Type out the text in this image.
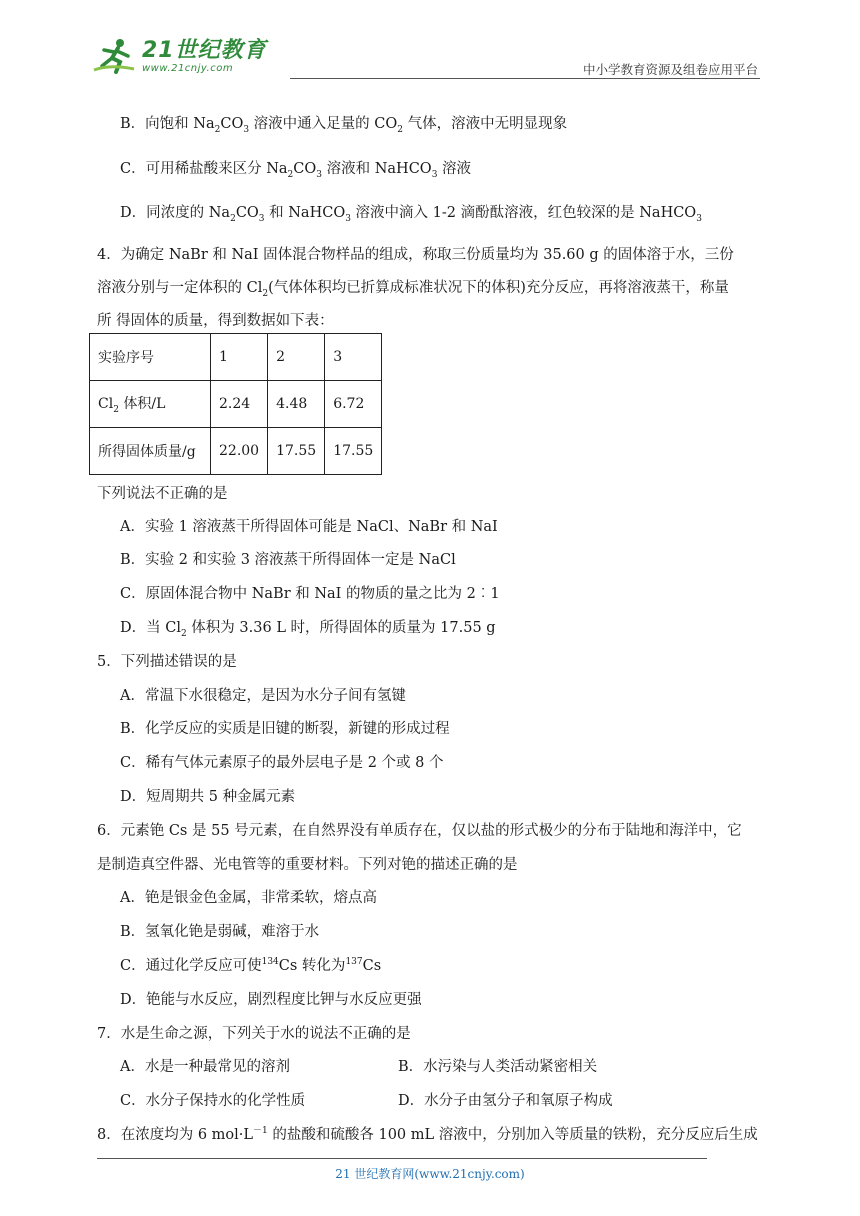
21世纪教育
www.21cnjy.com	中小学教育资源及组卷应用平台
B．向饱和 $Na_2CO_3$ 溶液中通入足量的 $CO_2$ 气体，溶液中无明显现象
C．可用稀盐酸来区分 $Na_2CO_3$ 溶液和 NaHCO$_3$ 溶液
D．同浓度的 $Na_2CO_3$ 和 NaHCO$_3$ 溶液中滴入 1-2 滴酚酞溶液，红色较深的是 NaHCO$_3$
4．为确定 NaBr 和 NaI 固体混合物样品的组成，称取三份质量均为 35.60 g 的固体溶于水，三份
溶液分别与一定体积的 $Cl_2$(气体体积均已折算成标准状况下的体积)充分反应，再将溶液蒸干，称量
所 得固体的质量，得到数据如下表：
实验序号	1	2	3
$Cl_2$ 体积/L	2.24	4.48	6.72
所得固体质量/g	22.00	17.55	17.55
下列说法不正确的是
A．实验 1 溶液蒸干所得固体可能是 NaCl、NaBr 和 NaI
B．实验 2 和实验 3 溶液蒸干所得固体一定是 NaCl
C．原固体混合物中 NaBr 和 NaI 的物质的量之比为 2︰1
D．当 $Cl_2$ 体积为 3.36 L 时，所得固体的质量为 17.55 g
5．下列描述错误的是
A．常温下水很稳定，是因为水分子间有氢键
B．化学反应的实质是旧键的断裂，新键的形成过程
C．稀有气体元素原子的最外层电子是 2 个或 8 个
D．短周期共 5 种金属元素
6．元素铯 Cs 是 55 号元素，在自然界没有单质存在，仅以盐的形式极少的分布于陆地和海洋中，它
是制造真空件器、光电管等的重要材料。下列对铯的描述正确的是
A．铯是银金色金属，非常柔软，熔点高
B．氢氧化铯是弱碱，难溶于水
C．通过化学反应可使$^{134}$Cs 转化为$^{137}$Cs
D．铯能与水反应，剧烈程度比钾与水反应更强
7．水是生命之源，下列关于水的说法不正确的是
A．水是一种最常见的溶剂	B．水污染与人类活动紧密相关
C．水分子保持水的化学性质	D．水分子由氢分子和氧原子构成
8．在浓度均为 6 $mol\cdot L^{-1}$ 的盐酸和硫酸各 100 mL 溶液中，分别加入等质量的铁粉，充分反应后生成
21 世纪教育网(www.21cnjy.com)
